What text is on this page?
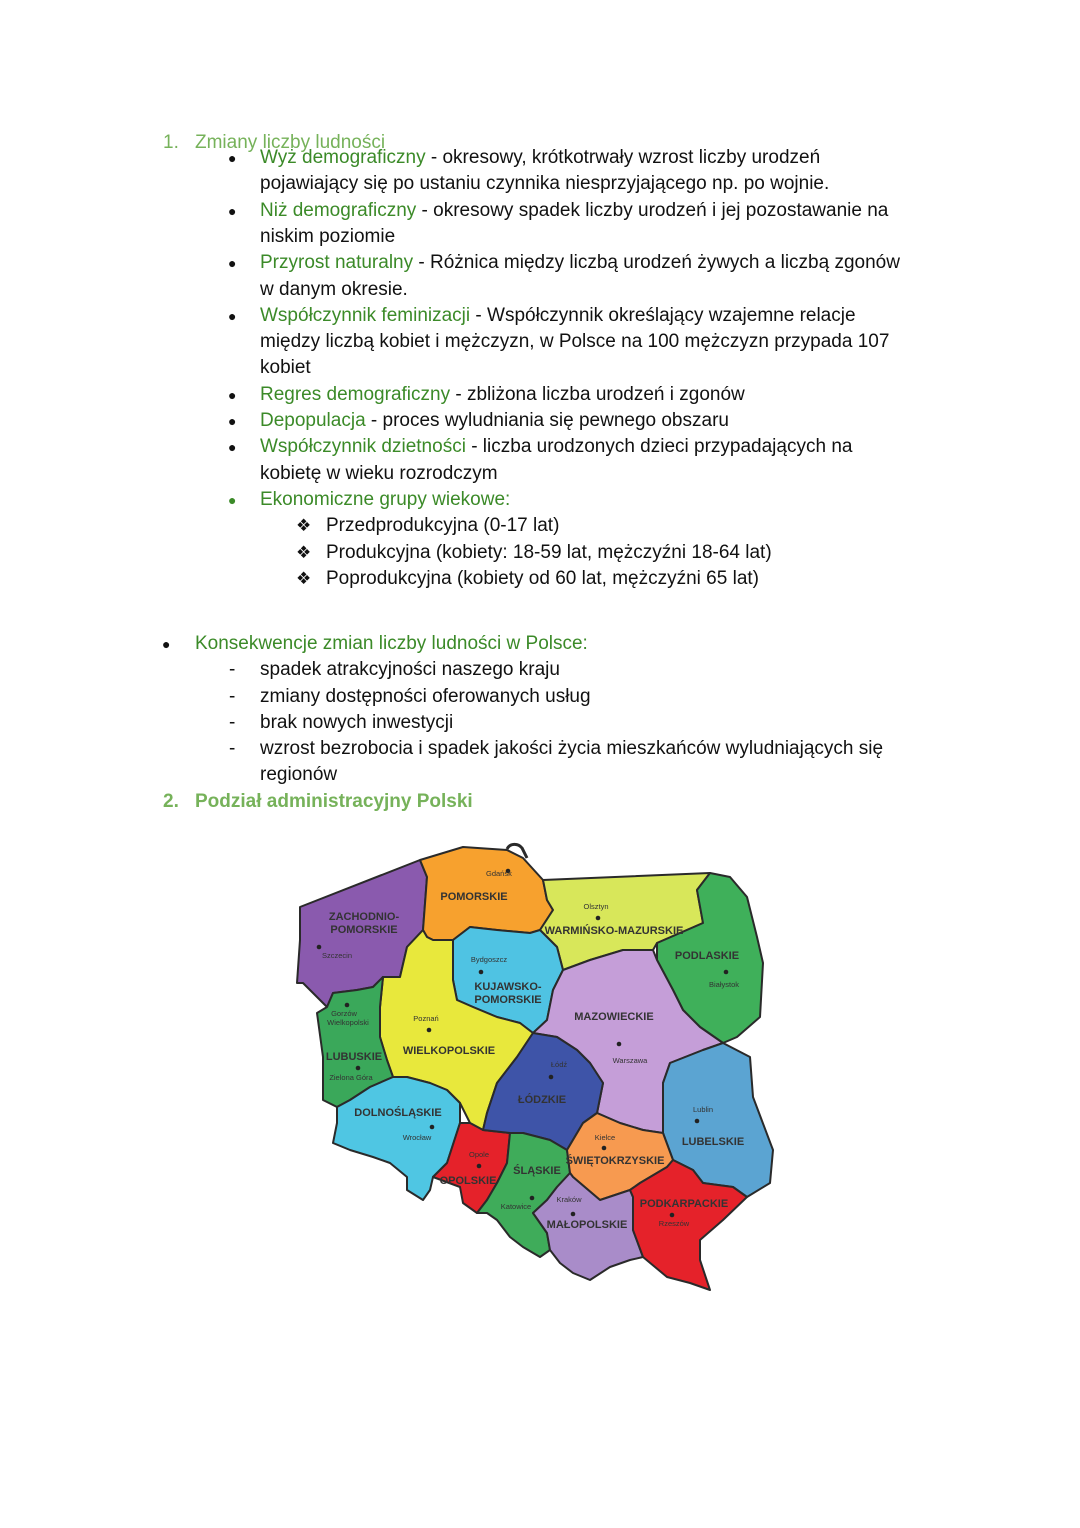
1. Zmiany liczby ludności
● Wyż demograficzny - okresowy, krótkotrwały wzrost liczby urodzeń
pojawiający się po ustaniu czynnika niesprzyjającego np. po wojnie.
● Niż demograficzny - okresowy spadek liczby urodzeń i jej pozostawanie na
niskim poziomie
● Przyrost naturalny - Różnica między liczbą urodzeń żywych a liczbą zgonów
w danym okresie.
● Współczynnik feminizacji - Współczynnik określający wzajemne relacje
między liczbą kobiet i mężczyzn, w Polsce na 100 mężczyzn przypada 107
kobiet
● Regres demograficzny - zbliżona liczba urodzeń i zgonów
● Depopulacja - proces wyludniania się pewnego obszaru
● Współczynnik dzietności - liczba urodzonych dzieci przypadających na
kobietę w wieku rozrodczym
● Ekonomiczne grupy wiekowe:
❖ Przedprodukcyjna (0-17 lat)
❖ Produkcyjna (kobiety: 18-59 lat, mężczyźni 18-64 lat)
❖ Poprodukcyjna (kobiety od 60 lat, mężczyźni 65 lat)
● Konsekwencje zmian liczby ludności w Polsce:
- spadek atrakcyjności naszego kraju
- zmiany dostępności oferowanych usług
- brak nowych inwestycji
- wzrost bezrobocia i spadek jakości życia mieszkańców wyludniających się
regionów
2. Podział administracyjny Polski
Gdańsk
POMORSKIE
ZACHODNIO-
POMORSKIE
Szczecin
Olsztyn
WARMIŃSKO-MAZURSKIE
PODLASKIE
Białystok
Bydgoszcz
KUJAWSKO-
POMORSKIE
Gorzów
Wielkopolski	Poznań
WIELKOPOLSKIE
MAZOWIECKIE
Warszawa
LUBUSKIE
Zielona Góra
Łódź
ŁÓDZKIE
DOLNOŚLĄSKIE
Wrocław
Lublin
LUBELSKIE
Kielce
ŚWIĘTOKRZYSKIE
Opole
OPOLSKIE
ŚLĄSKIE
Katowice
Kraków
MAŁOPOLSKIE
PODKARPACKIE
Rzeszów
